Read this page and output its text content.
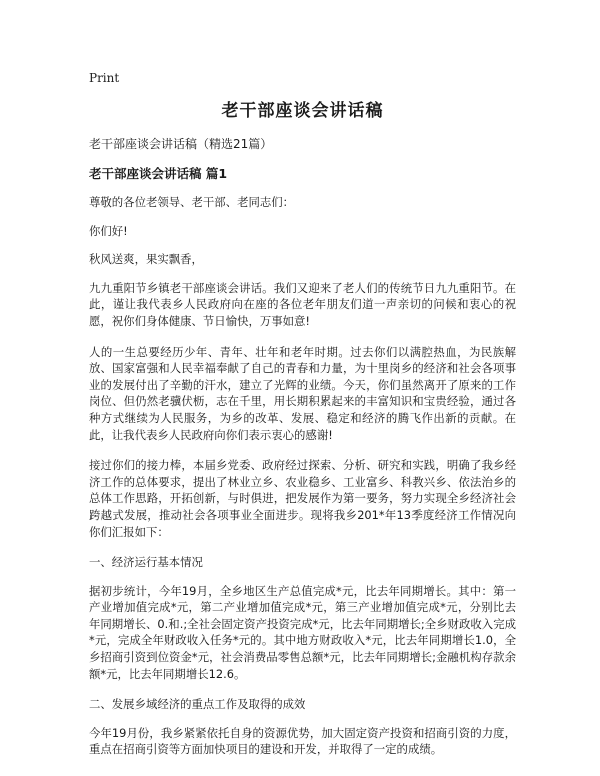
Print
老干部座谈会讲话稿
老干部座谈会讲话稿（精选21篇）
老干部座谈会讲话稿 篇1

尊敬的各位老领导、老干部、老同志们：

你们好!

秋风送爽，果实飘香，

九九重阳节乡镇老干部座谈会讲话。我们又迎来了老人们的传统节日九九重阳节。在此，谨让我代表乡人民政府向在座的各位老年朋友们道一声亲切的问候和衷心的祝愿，祝你们身体健康、节日愉快，万事如意!

人的一生总要经历少年、青年、壮年和老年时期。过去你们以满腔热血，为民族解放、国家富强和人民幸福奉献了自己的青春和力量，为十里岗乡的经济和社会各项事业的发展付出了辛勤的汗水，建立了光辉的业绩。今天，你们虽然离开了原来的工作岗位、但仍然老骥伏枥，志在千里，用长期积累起来的丰富知识和宝贵经验，通过各种方式继续为人民服务，为乡的改革、发展、稳定和经济的腾飞作出新的贡献。在此，让我代表乡人民政府向你们表示衷心的感谢!

接过你们的接力棒，本届乡党委、政府经过探索、分析、研究和实践，明确了我乡经济工作的总体要求，提出了林业立乡、农业稳乡、工业富乡、科教兴乡、依法治乡的总体工作思路，开拓创新，与时俱进，把发展作为第一要务，努力实现全乡经济社会跨越式发展，推动社会各项事业全面进步。现将我乡201*年13季度经济工作情况向你们汇报如下：

一、经济运行基本情况

据初步统计，今年19月，全乡地区生产总值完成*元，比去年同期增长。其中：第一产业增加值完成*元，第二产业增加值完成*元，第三产业增加值完成*元，分别比去年同期增长、0.和.;全社会固定资产投资完成*元，比去年同期增长;全乡财政收入完成*元，完成全年财政收入任务*元的。其中地方财政收入*元，比去年同期增长1.0，全乡招商引资到位资金*元，社会消费品零售总额*元，比去年同期增长;金融机构存款余额*元，比去年同期增长12.6。

二、发展乡域经济的重点工作及取得的成效

今年19月份，我乡紧紧依托自身的资源优势，加大固定资产投资和招商引资的力度，重点在招商引资等方面加快项目的建设和开发，并取得了一定的成绩。
